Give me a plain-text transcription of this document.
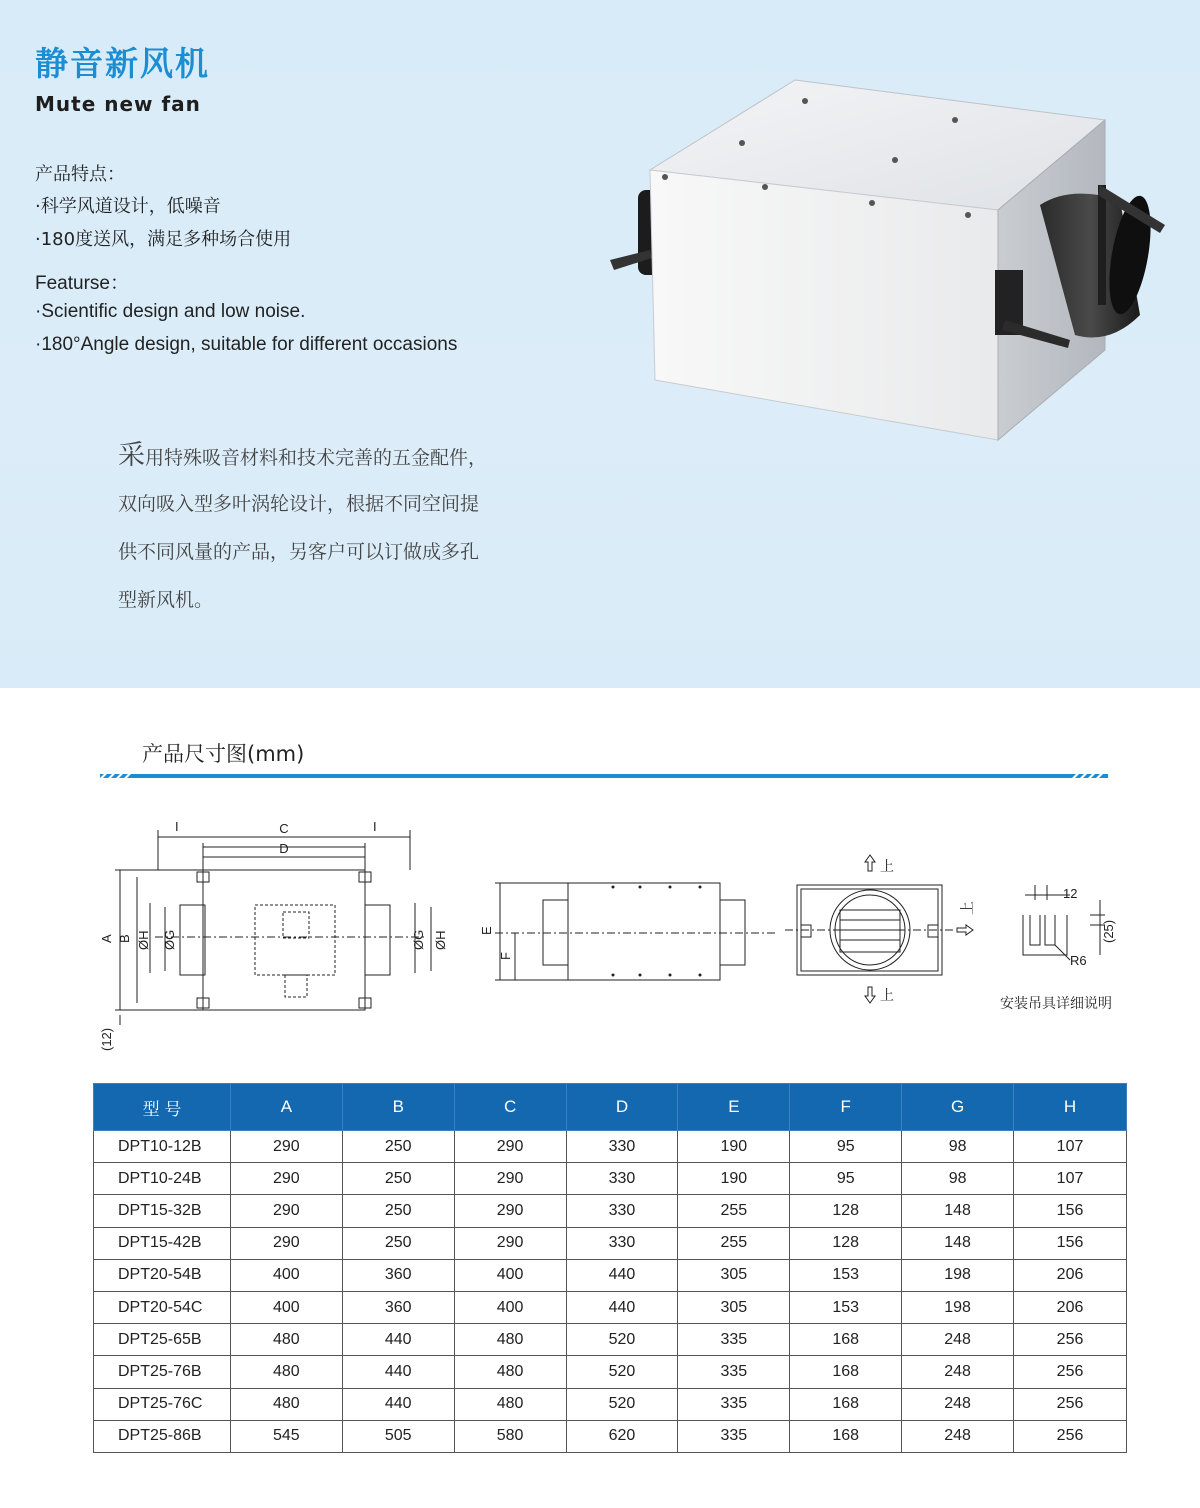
静音新风机
Mute new fan
产品特点：
·科学风道设计，低噪音
·180度送风，满足多种场合使用
Featurse：
·Scientific design and low noise.
·180°Angle design, suitable for different occasions
采用特殊吸音材料和技术完善的五金配件，
双向吸入型多叶涡轮设计，根据不同空间提
供不同风量的产品，另客户可以订做成多孔
型新风机。
产品尺寸图(mm)
I	I
C
D
A B ØH ØG	ØG ØH
(12)
E
F
上
上
上
12
(25)
R6
安装吊具详细说明
型 号	A	B	C	D	E	F	G	H
DPT10-12B	290	250	290	330	190	95	98	107
DPT10-24B	290	250	290	330	190	95	98	107
DPT15-32B	290	250	290	330	255	128	148	156
DPT15-42B	290	250	290	330	255	128	148	156
DPT20-54B	400	360	400	440	305	153	198	206
DPT20-54C	400	360	400	440	305	153	198	206
DPT25-65B	480	440	480	520	335	168	248	256
DPT25-76B	480	440	480	520	335	168	248	256
DPT25-76C	480	440	480	520	335	168	248	256
DPT25-86B	545	505	580	620	335	168	248	256
